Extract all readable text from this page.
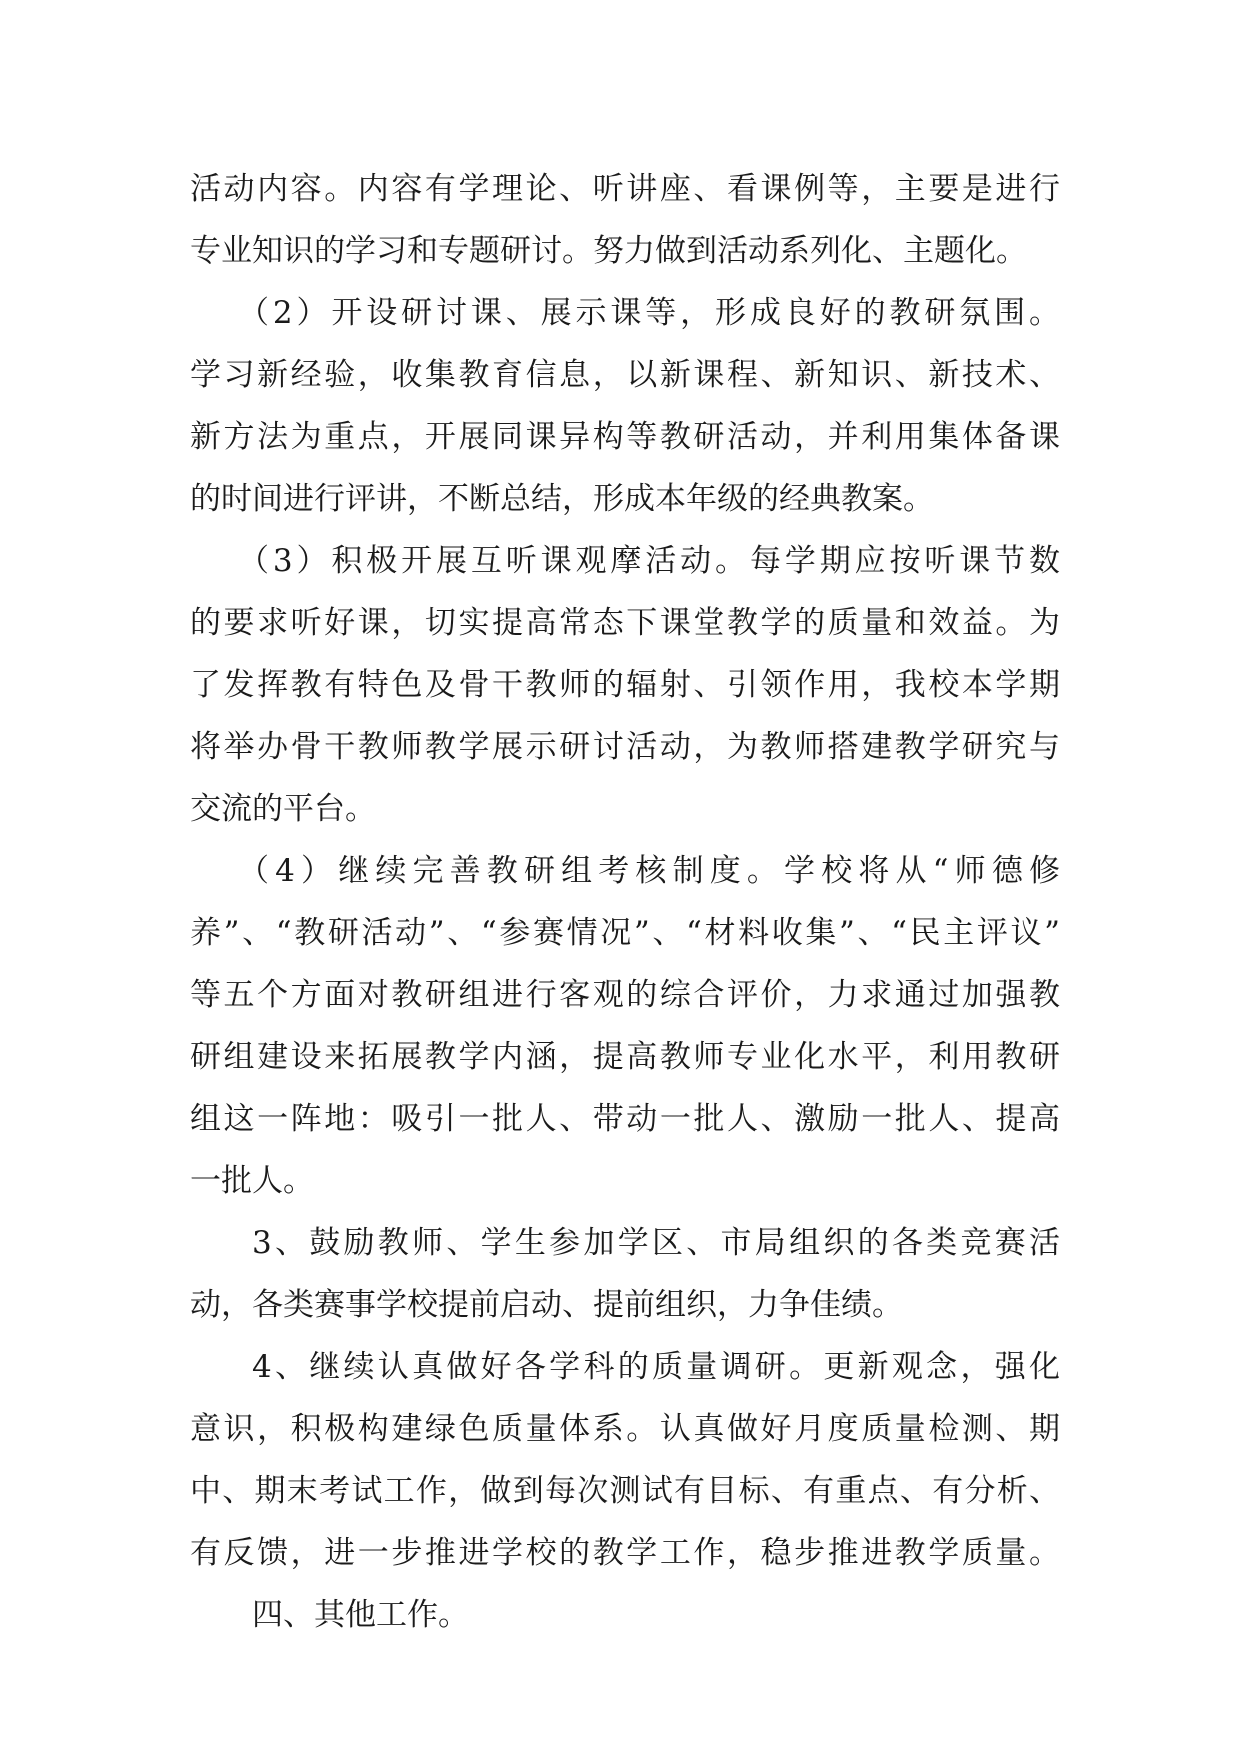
活动内容。内容有学理论、听讲座、看课例等，主要是进行
专业知识的学习和专题研讨。努力做到活动系列化、主题化。
（2）开设研讨课、展示课等，形成良好的教研氛围。
学习新经验，收集教育信息，以新课程、新知识、新技术、
新方法为重点，开展同课异构等教研活动，并利用集体备课
的时间进行评讲，不断总结，形成本年级的经典教案。
（3）积极开展互听课观摩活动。每学期应按听课节数
的要求听好课，切实提高常态下课堂教学的质量和效益。为
了发挥教有特色及骨干教师的辐射、引领作用，我校本学期
将举办骨干教师教学展示研讨活动，为教师搭建教学研究与
交流的平台。
（4）继续完善教研组考核制度。学校将从“师德修
养”、“教研活动”、“参赛情况”、“材料收集”、“民主评议”
等五个方面对教研组进行客观的综合评价，力求通过加强教
研组建设来拓展教学内涵，提高教师专业化水平，利用教研
组这一阵地：吸引一批人、带动一批人、激励一批人、提高
一批人。
3、鼓励教师、学生参加学区、市局组织的各类竞赛活
动，各类赛事学校提前启动、提前组织，力争佳绩。
4、继续认真做好各学科的质量调研。更新观念，强化
意识，积极构建绿色质量体系。认真做好月度质量检测、期
中、期末考试工作，做到每次测试有目标、有重点、有分析、
有反馈，进一步推进学校的教学工作，稳步推进教学质量。
四、其他工作。
